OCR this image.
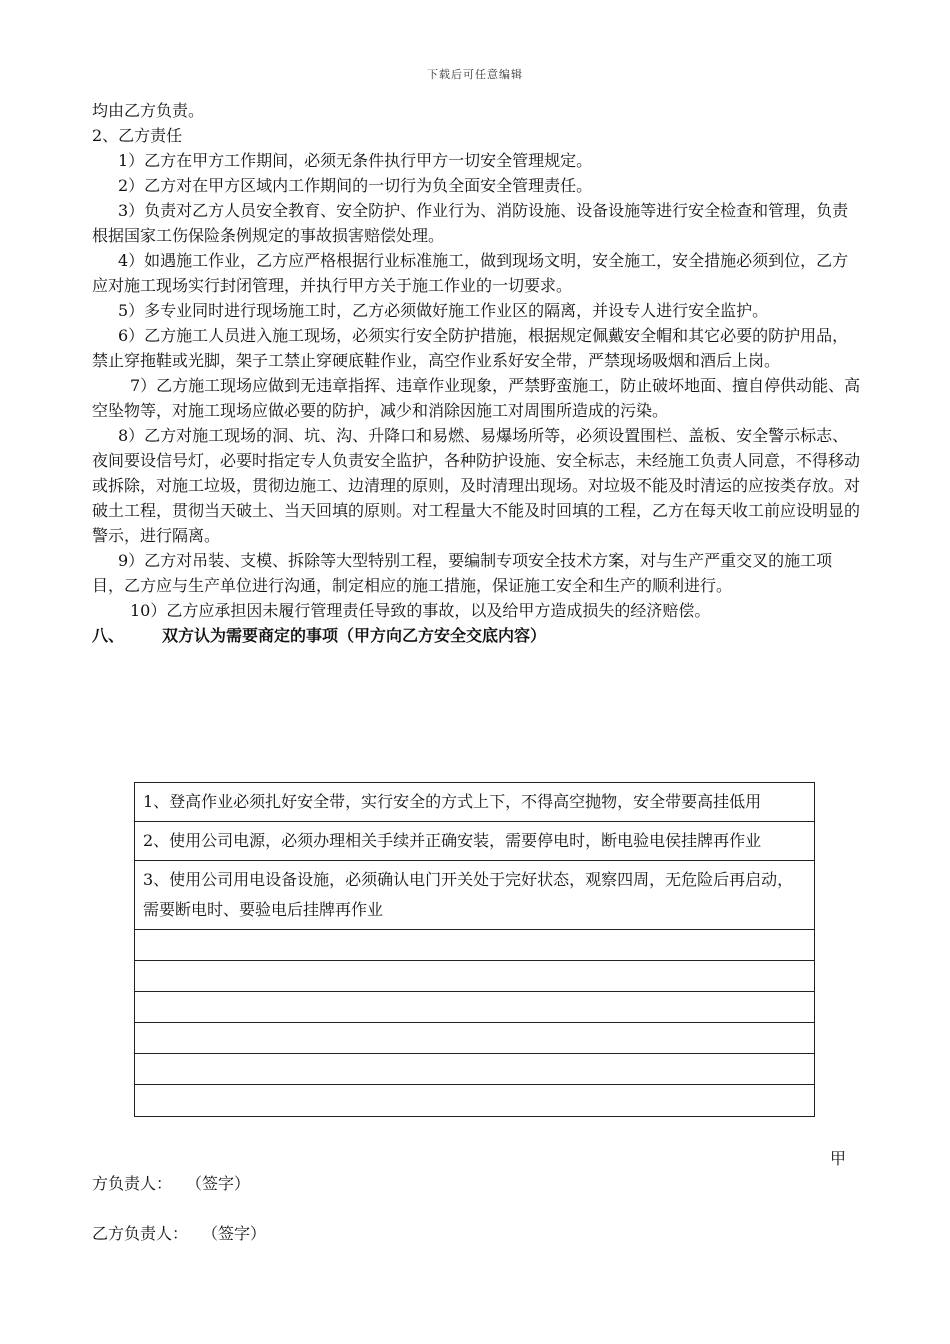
下载后可任意编辑

均由乙方负责。

2、乙方责任

1）乙方在甲方工作期间，必须无条件执行甲方一切安全管理规定。

2）乙方对在甲方区域内工作期间的一切行为负全面安全管理责任。

3）负责对乙方人员安全教育、安全防护、作业行为、消防设施、设备设施等进行安全检查和管理，负责根据国家工伤保险条例规定的事故损害赔偿处理。

4）如遇施工作业，乙方应严格根据行业标准施工，做到现场文明，安全施工，安全措施必须到位，乙方应对施工现场实行封闭管理，并执行甲方关于施工作业的一切要求。

5）多专业同时进行现场施工时，乙方必须做好施工作业区的隔离，并设专人进行安全监护。

6）乙方施工人员进入施工现场，必须实行安全防护措施，根据规定佩戴安全帽和其它必要的防护用品，禁止穿拖鞋或光脚，架子工禁止穿硬底鞋作业，高空作业系好安全带，严禁现场吸烟和酒后上岗。

7）乙方施工现场应做到无违章指挥、违章作业现象，严禁野蛮施工，防止破坏地面、擅自停供动能、高空坠物等，对施工现场应做必要的防护，减少和消除因施工对周围所造成的污染。

8）乙方对施工现场的洞、坑、沟、升降口和易燃、易爆场所等，必须设置围栏、盖板、安全警示标志、夜间要设信号灯，必要时指定专人负责安全监护，各种防护设施、安全标志，未经施工负责人同意，不得移动或拆除，对施工垃圾，贯彻边施工、边清理的原则，及时清理出现场。对垃圾不能及时清运的应按类存放。对破土工程，贯彻当天破土、当天回填的原则。对工程量大不能及时回填的工程，乙方在每天收工前应设明显的警示，进行隔离。

9）乙方对吊装、支模、拆除等大型特别工程，要编制专项安全技术方案，对与生产严重交叉的施工项目，乙方应与生产单位进行沟通，制定相应的施工措施，保证施工安全和生产的顺利进行。

10）乙方应承担因未履行管理责任导致的事故，以及给甲方造成损失的经济赔偿。

八、 双方认为需要商定的事项（甲方向乙方安全交底内容）

1、登高作业必须扎好安全带，实行安全的方式上下，不得高空抛物，安全带要高挂低用
2、使用公司电源，必须办理相关手续并正确安装，需要停电时，断电验电侯挂牌再作业
3、使用公司用电设备设施，必须确认电门开关处于完好状态，观察四周，无危险后再启动，需要断电时、要验电后挂牌再作业
甲
方负责人： （签字）
乙方负责人： （签字）
